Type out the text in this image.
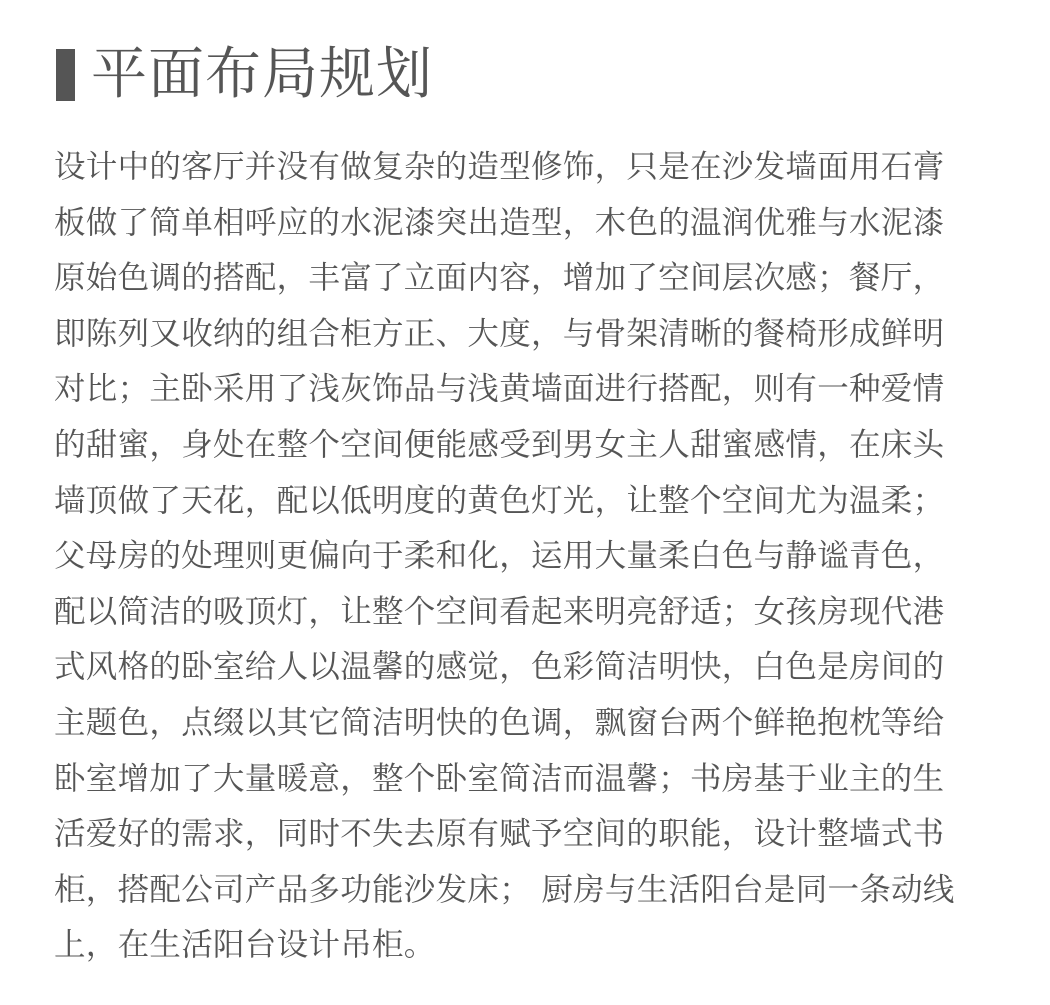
平面布局规划
设计中的客厅并没有做复杂的造型修饰，只是在沙发墙面用石膏
板做了简单相呼应的水泥漆突出造型，木色的温润优雅与水泥漆
原始色调的搭配，丰富了立面内容，增加了空间层次感；餐厅，
即陈列又收纳的组合柜方正、大度，与骨架清晰的餐椅形成鲜明
对比；主卧采用了浅灰饰品与浅黄墙面进行搭配，则有一种爱情
的甜蜜，身处在整个空间便能感受到男女主人甜蜜感情，在床头
墙顶做了天花，配以低明度的黄色灯光，让整个空间尤为温柔；
父母房的处理则更偏向于柔和化，运用大量柔白色与静谧青色，
配以简洁的吸顶灯，让整个空间看起来明亮舒适；女孩房现代港
式风格的卧室给人以温馨的感觉，色彩简洁明快，白色是房间的
主题色，点缀以其它简洁明快的色调，飘窗台两个鲜艳抱枕等给
卧室增加了大量暖意，整个卧室简洁而温馨；书房基于业主的生
活爱好的需求，同时不失去原有赋予空间的职能，设计整墙式书
柜，搭配公司产品多功能沙发床； 厨房与生活阳台是同一条动线
上，在生活阳台设计吊柜。
